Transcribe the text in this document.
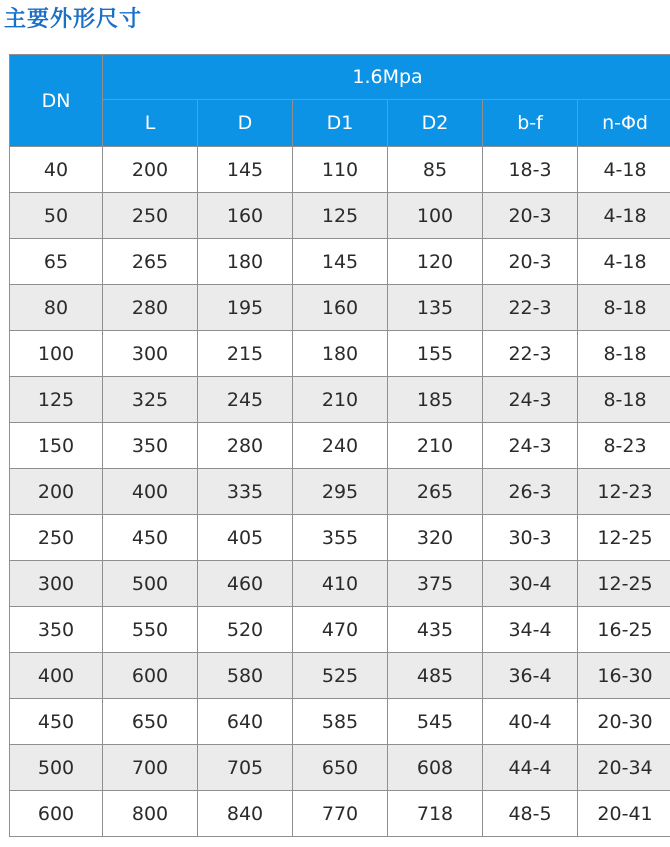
主要外形尺寸
DN	1.6Mpa					
	L	D	D1	D2	b-f	n-Φd
40	200	145	110	85	18-3	4-18
50	250	160	125	100	20-3	4-18
65	265	180	145	120	20-3	4-18
80	280	195	160	135	22-3	8-18
100	300	215	180	155	22-3	8-18
125	325	245	210	185	24-3	8-18
150	350	280	240	210	24-3	8-23
200	400	335	295	265	26-3	12-23
250	450	405	355	320	30-3	12-25
300	500	460	410	375	30-4	12-25
350	550	520	470	435	34-4	16-25
400	600	580	525	485	36-4	16-30
450	650	640	585	545	40-4	20-30
500	700	705	650	608	44-4	20-34
600	800	840	770	718	48-5	20-41
